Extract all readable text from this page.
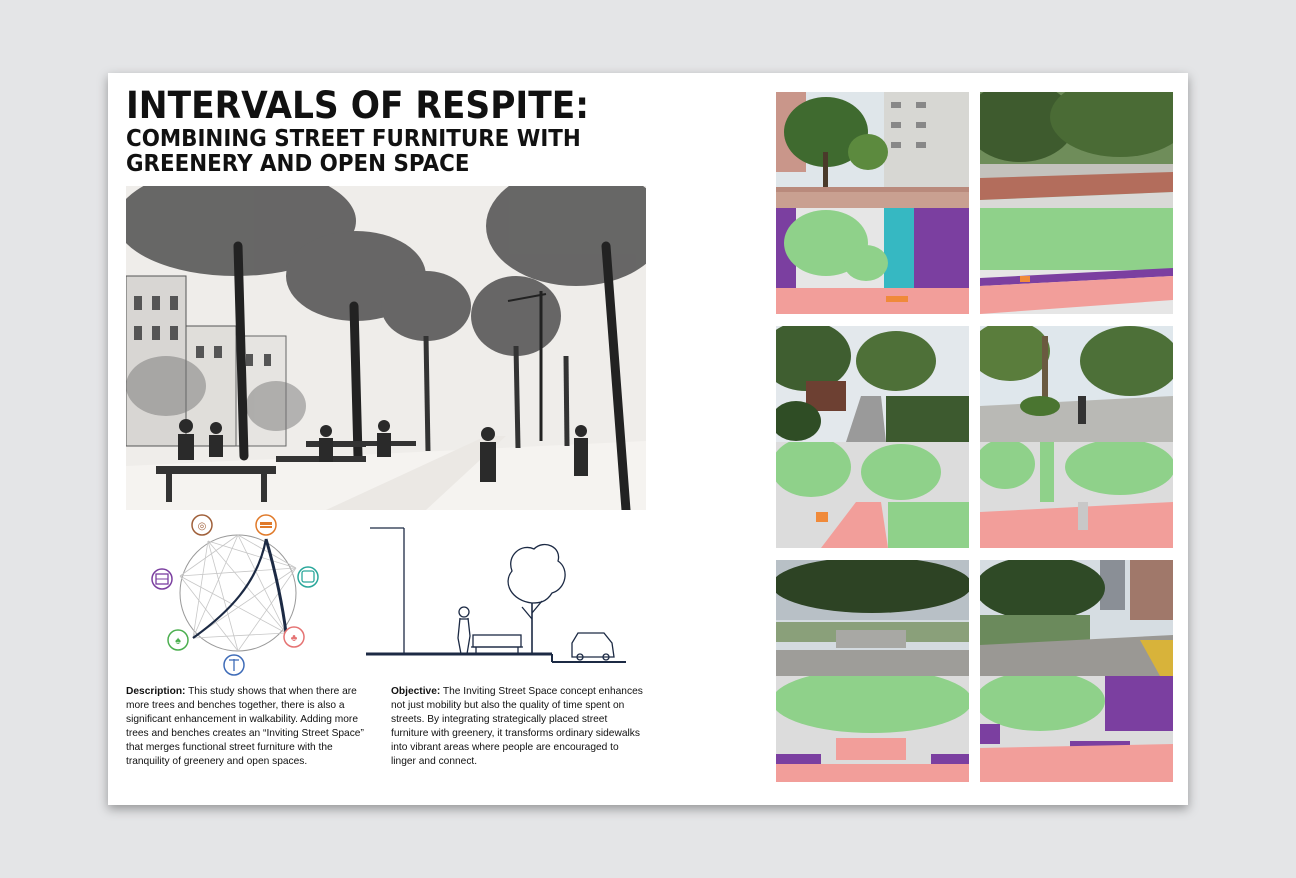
INTERVALS OF RESPITE:
COMBINING STREET FURNITURE WITH
GREENERY AND OPEN SPACE
◎
♣
♠
Description: This study shows that when there are more trees and benches together, there is also a significant enhancement in walkability. Adding more trees and benches creates an “Inviting Street Space” that merges functional street furniture with the tranquility of greenery and open spaces.
Objective: The Inviting Street Space concept enhances not just mobility but also the quality of time spent on streets. By integrating strategically placed street furniture with greenery, it transforms ordinary sidewalks into vibrant areas where people are encouraged to linger and connect.
